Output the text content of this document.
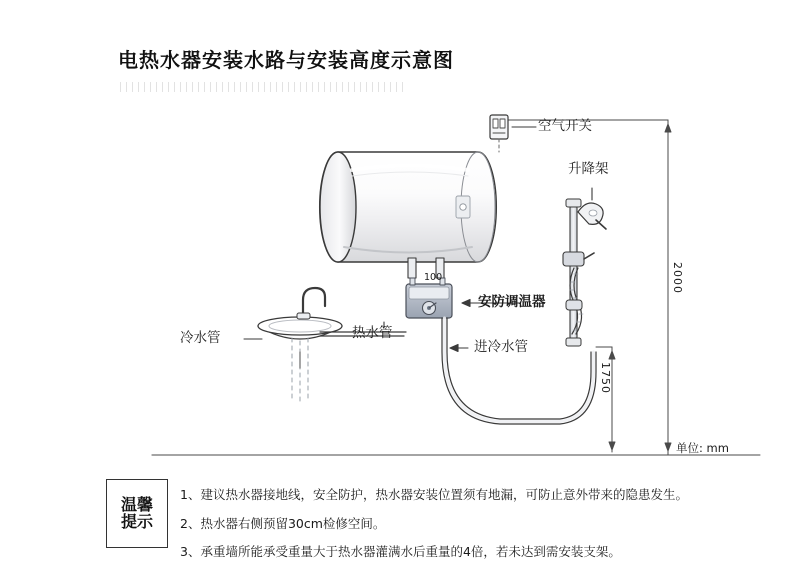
电热水器安装水路与安装高度示意图
空气开关
升降架
安防调温器
冷水管	热水管
进冷水管
2000
1750
100
单位: mm
温馨
提示
1、建议热水器接地线，安全防护，热水器安装位置须有地漏，可防止意外带来的隐患发生。
2、热水器右侧预留30cm检修空间。
3、承重墙所能承受重量大于热水器灌满水后重量的4倍，若未达到需安装支架。
